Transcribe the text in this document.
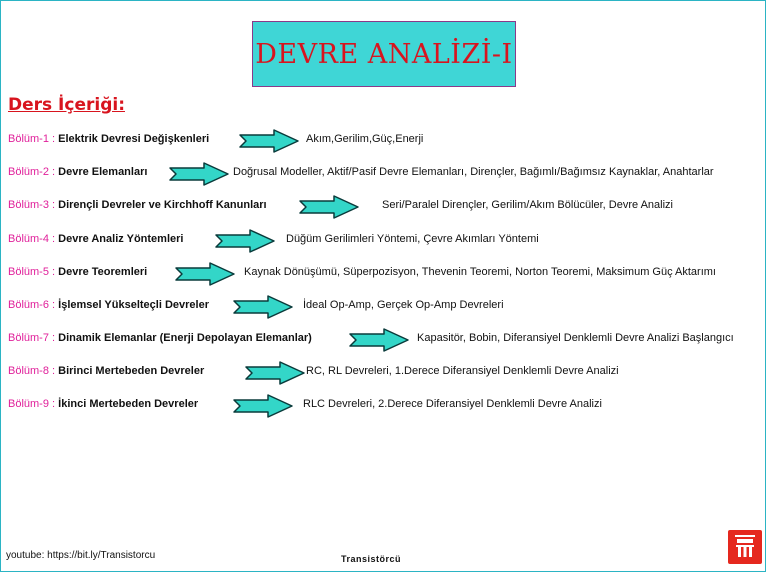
DEVRE ANALİZİ-I
Ders İçeriği:
Bölüm-1 : Elektrik Devresi Değişkenleri	Akım,Gerilim,Güç,Enerji
Bölüm-2 : Devre Elemanları	Doğrusal Modeller, Aktif/Pasif Devre Elemanları, Dirençler, Bağımlı/Bağımsız Kaynaklar, Anahtarlar
Bölüm-3 : Dirençli Devreler ve Kirchhoff Kanunları	Seri/Paralel Dirençler, Gerilim/Akım Bölücüler, Devre Analizi
Bölüm-4 : Devre Analiz Yöntemleri	Düğüm Gerilimleri Yöntemi, Çevre Akımları Yöntemi
Bölüm-5 : Devre Teoremleri	Kaynak Dönüşümü, Süperpozisyon, Thevenin Teoremi, Norton Teoremi, Maksimum Güç Aktarımı
Bölüm-6 : İşlemsel Yükselteçli Devreler	İdeal Op-Amp, Gerçek Op-Amp Devreleri
Bölüm-7 : Dinamik Elemanlar (Enerji Depolayan Elemanlar)	Kapasitör, Bobin, Diferansiyel Denklemli Devre Analizi Başlangıcı
Bölüm-8 : Birinci Mertebeden Devreler	RC, RL Devreleri, 1.Derece Diferansiyel Denklemli Devre Analizi
Bölüm-9 : İkinci Mertebeden Devreler	RLC Devreleri, 2.Derece Diferansiyel Denklemli Devre Analizi
youtube: https://bit.ly/Transistorcu	Transistörcü
